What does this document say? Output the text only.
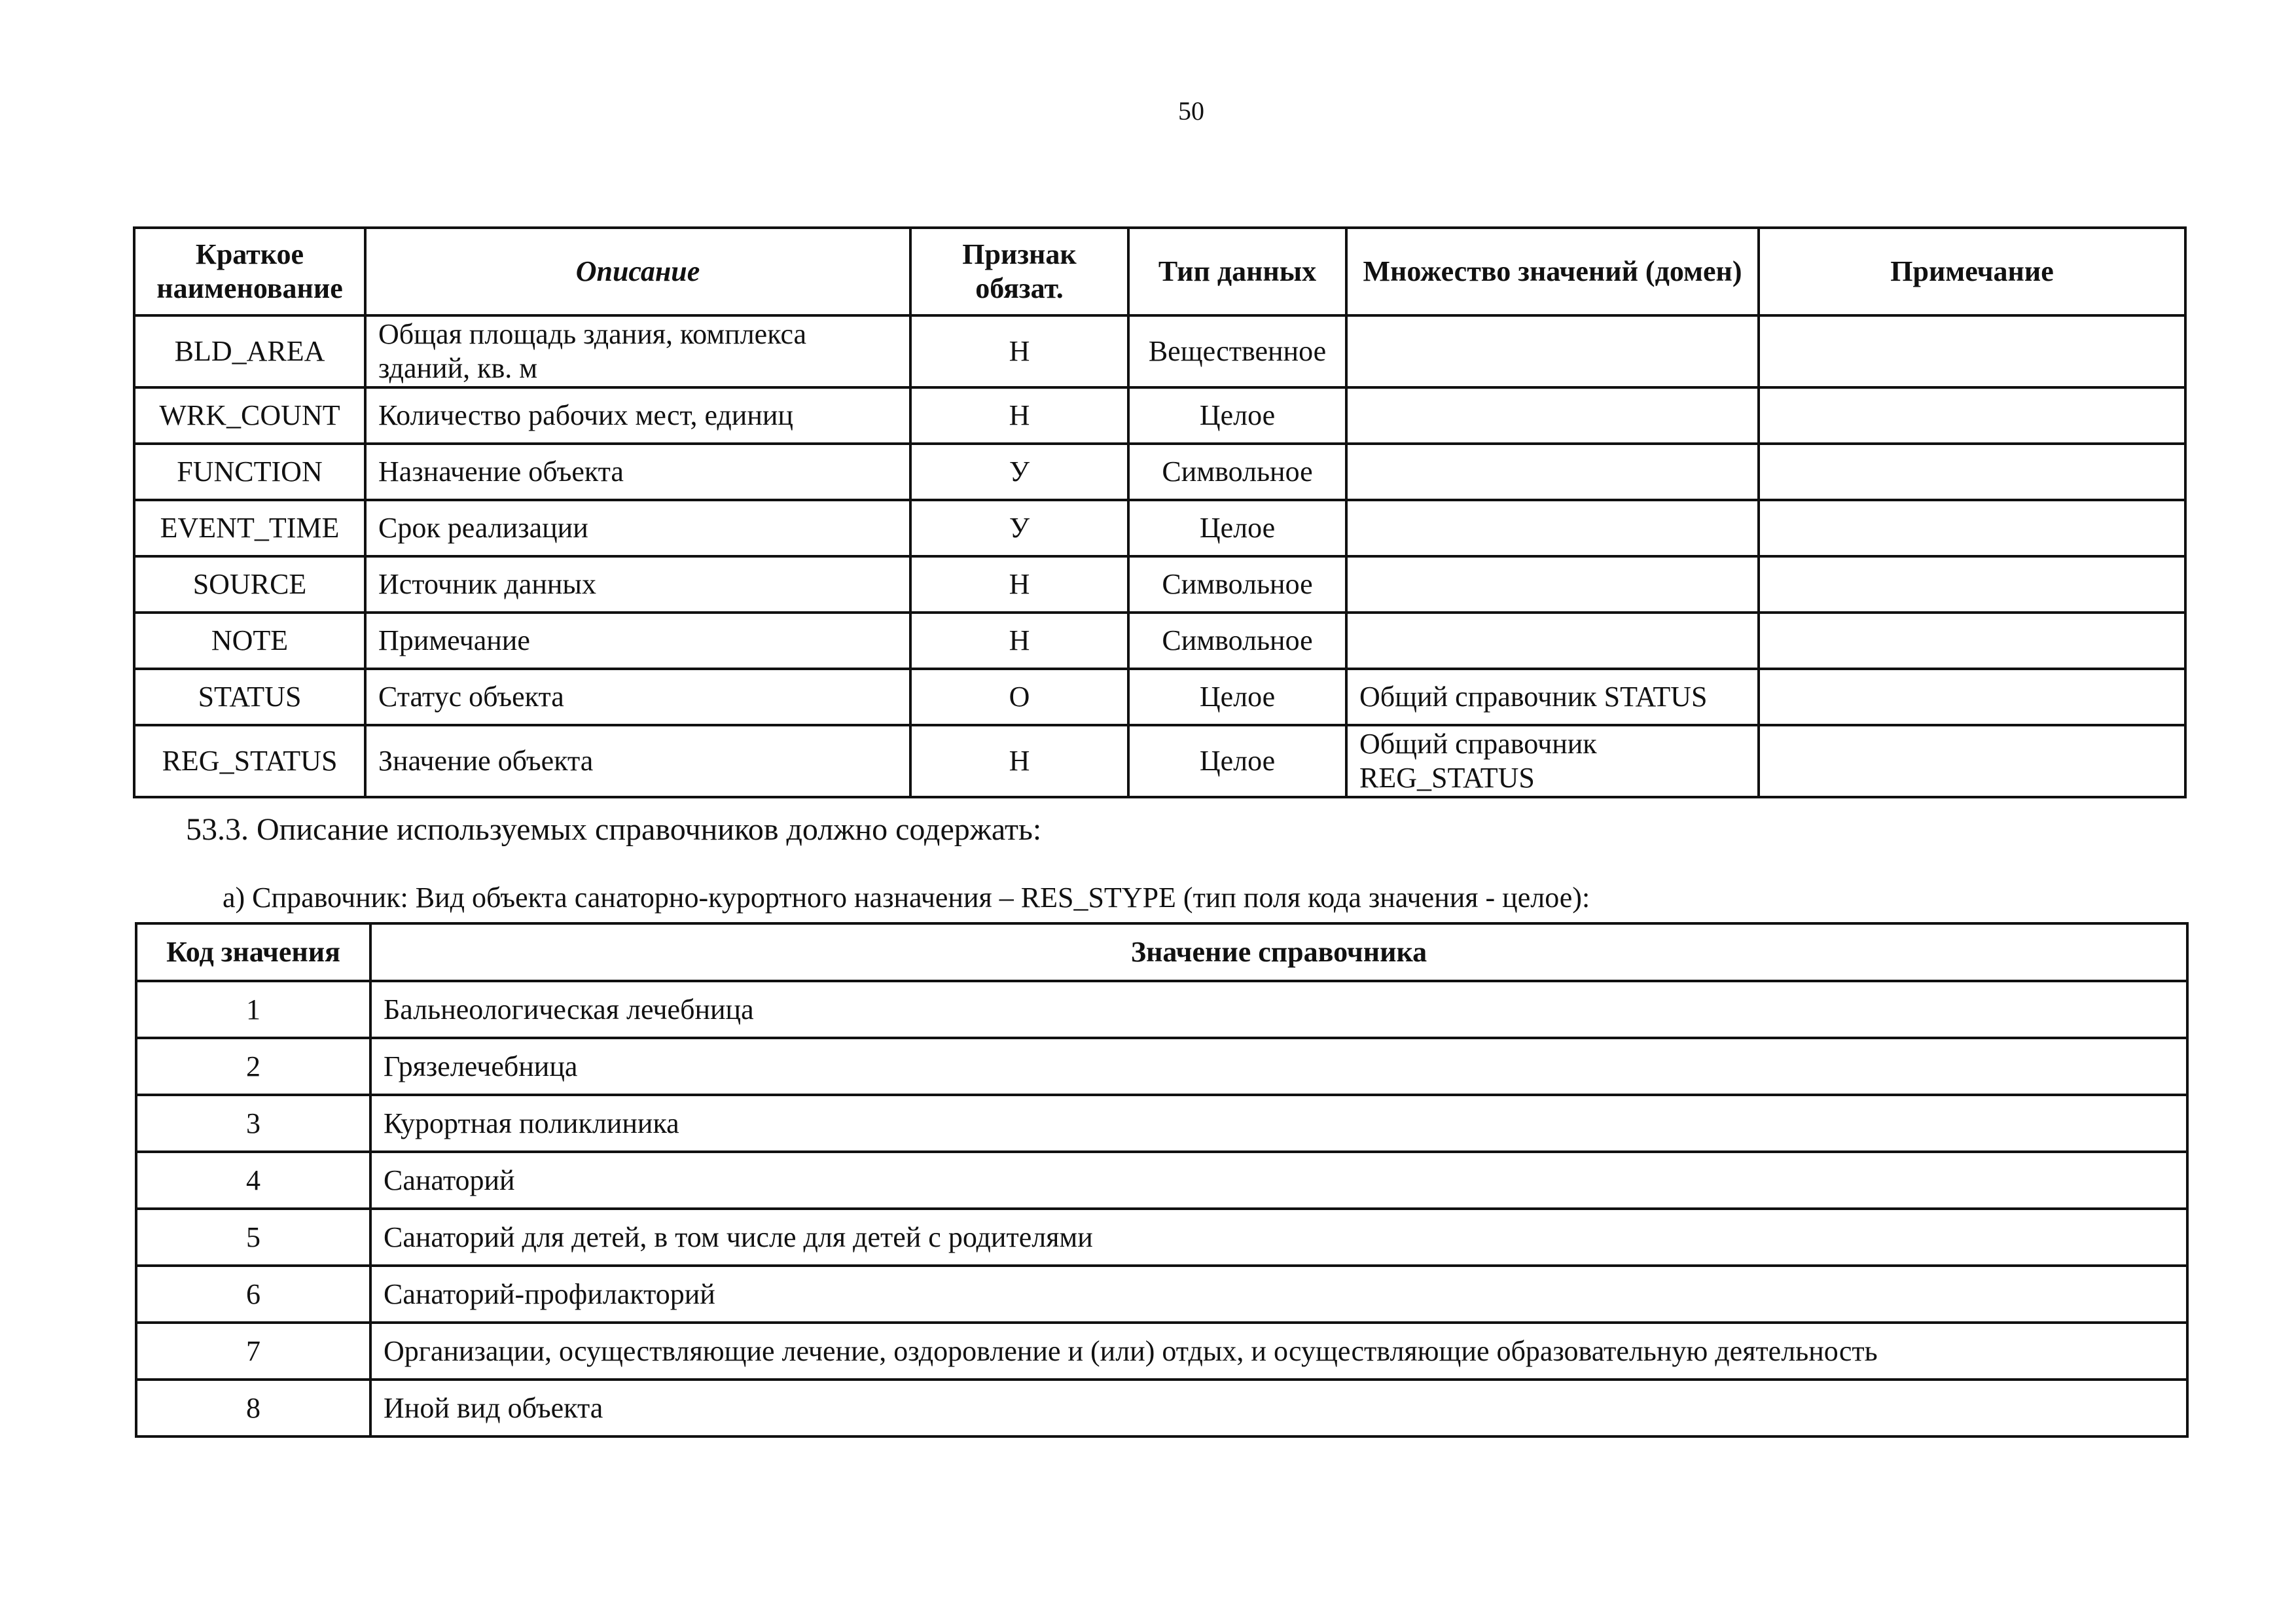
50
Краткое наименование	Описание	Признак обязат.	Тип данных	Множество значений (домен)	Примечание
BLD_AREA	Общая площадь здания, комплекса зданий, кв. м	Н	Вещественное		
WRK_COUNT	Количество рабочих мест, единиц	Н	Целое		
FUNCTION	Назначение объекта	У	Символьное		
EVENT_TIME	Срок реализации	У	Целое		
SOURCE	Источник данных	Н	Символьное		
NOTE	Примечание	Н	Символьное		
STATUS	Статус объекта	О	Целое	Общий справочник STATUS	
REG_STATUS	Значение объекта	Н	Целое	Общий справочник REG_STATUS	
53.3. Описание используемых справочников должно содержать:
а) Справочник: Вид объекта санаторно-курортного назначения – RES_STYPE (тип поля кода значения - целое):
Код значения	Значение справочника
1	Бальнеологическая лечебница
2	Грязелечебница
3	Курортная поликлиника
4	Санаторий
5	Санаторий для детей, в том числе для детей с родителями
6	Санаторий-профилакторий
7	Организации, осуществляющие лечение, оздоровление и (или) отдых, и осуществляющие образовательную деятельность
8	Иной вид объекта
